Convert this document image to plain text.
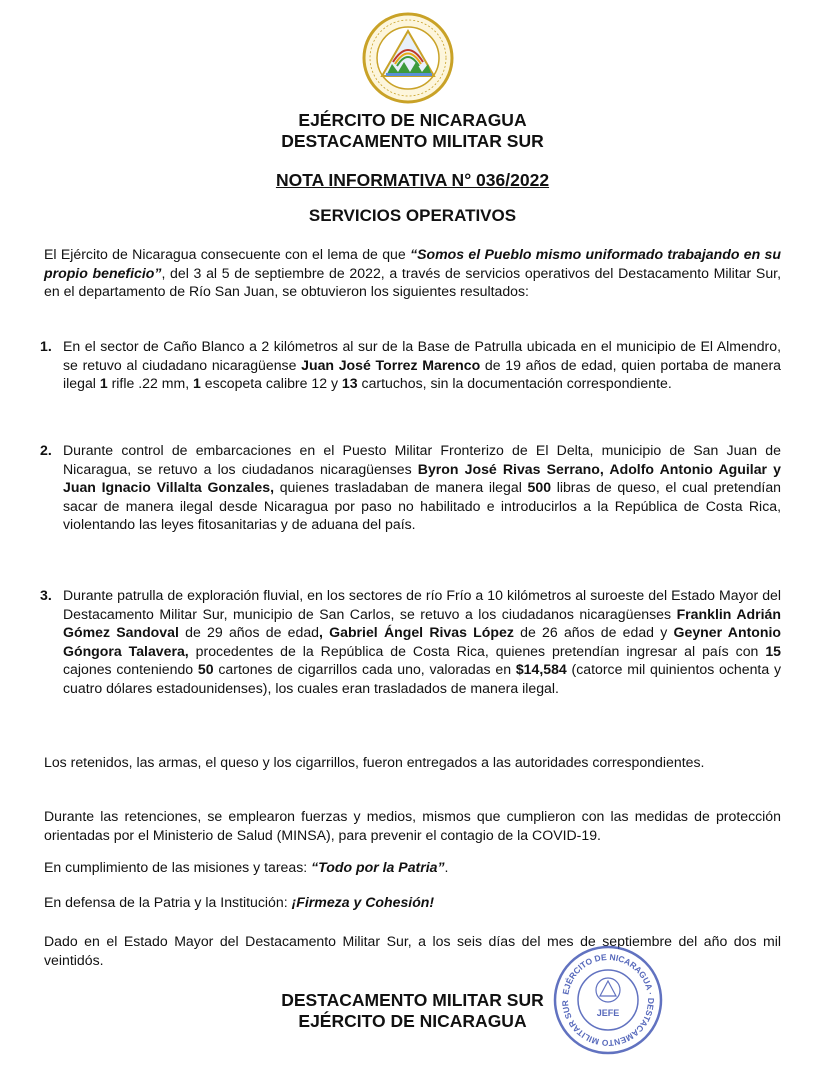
EJÉRCITO DE NICARAGUA
DESTACAMENTO MILITAR SUR
NOTA INFORMATIVA N° 036/2022
SERVICIOS OPERATIVOS
El Ejército de Nicaragua consecuente con el lema de que “Somos el Pueblo mismo uniformado trabajando en su propio beneficio”, del 3 al 5 de septiembre de 2022, a través de servicios operativos del Destacamento Militar Sur, en el departamento de Río San Juan, se obtuvieron los siguientes resultados:
1. En el sector de Caño Blanco a 2 kilómetros al sur de la Base de Patrulla ubicada en el municipio de El Almendro, se retuvo al ciudadano nicaragüense Juan José Torrez Marenco de 19 años de edad, quien portaba de manera ilegal 1 rifle .22 mm, 1 escopeta calibre 12 y 13 cartuchos, sin la documentación correspondiente.
2. Durante control de embarcaciones en el Puesto Militar Fronterizo de El Delta, municipio de San Juan de Nicaragua, se retuvo a los ciudadanos nicaragüenses Byron José Rivas Serrano, Adolfo Antonio Aguilar y Juan Ignacio Villalta Gonzales, quienes trasladaban de manera ilegal 500 libras de queso, el cual pretendían sacar de manera ilegal desde Nicaragua por paso no habilitado e introducirlos a la República de Costa Rica, violentando las leyes fitosanitarias y de aduana del país.
3. Durante patrulla de exploración fluvial, en los sectores de río Frío a 10 kilómetros al suroeste del Estado Mayor del Destacamento Militar Sur, municipio de San Carlos, se retuvo a los ciudadanos nicaragüenses Franklin Adrián Gómez Sandoval de 29 años de edad, Gabriel Ángel Rivas López de 26 años de edad y Geyner Antonio Góngora Talavera, procedentes de la República de Costa Rica, quienes pretendían ingresar al país con 15 cajones conteniendo 50 cartones de cigarrillos cada uno, valoradas en $14,584 (catorce mil quinientos ochenta y cuatro dólares estadounidenses), los cuales eran trasladados de manera ilegal.
Los retenidos, las armas, el queso y los cigarrillos, fueron entregados a las autoridades correspondientes.
Durante las retenciones, se emplearon fuerzas y medios, mismos que cumplieron con las medidas de protección orientadas por el Ministerio de Salud (MINSA), para prevenir el contagio de la COVID-19.
En cumplimiento de las misiones y tareas: “Todo por la Patria”.
En defensa de la Patria y la Institución: ¡Firmeza y Cohesión!
Dado en el Estado Mayor del Destacamento Militar Sur, a los seis días del mes de septiembre del año dos mil veintidós.
DESTACAMENTO MILITAR SUR
EJÉRCITO DE NICARAGUA
EJÉRCITO DE NICARAGUA · DESTACAMENTO MILITAR SUR
JEFE
